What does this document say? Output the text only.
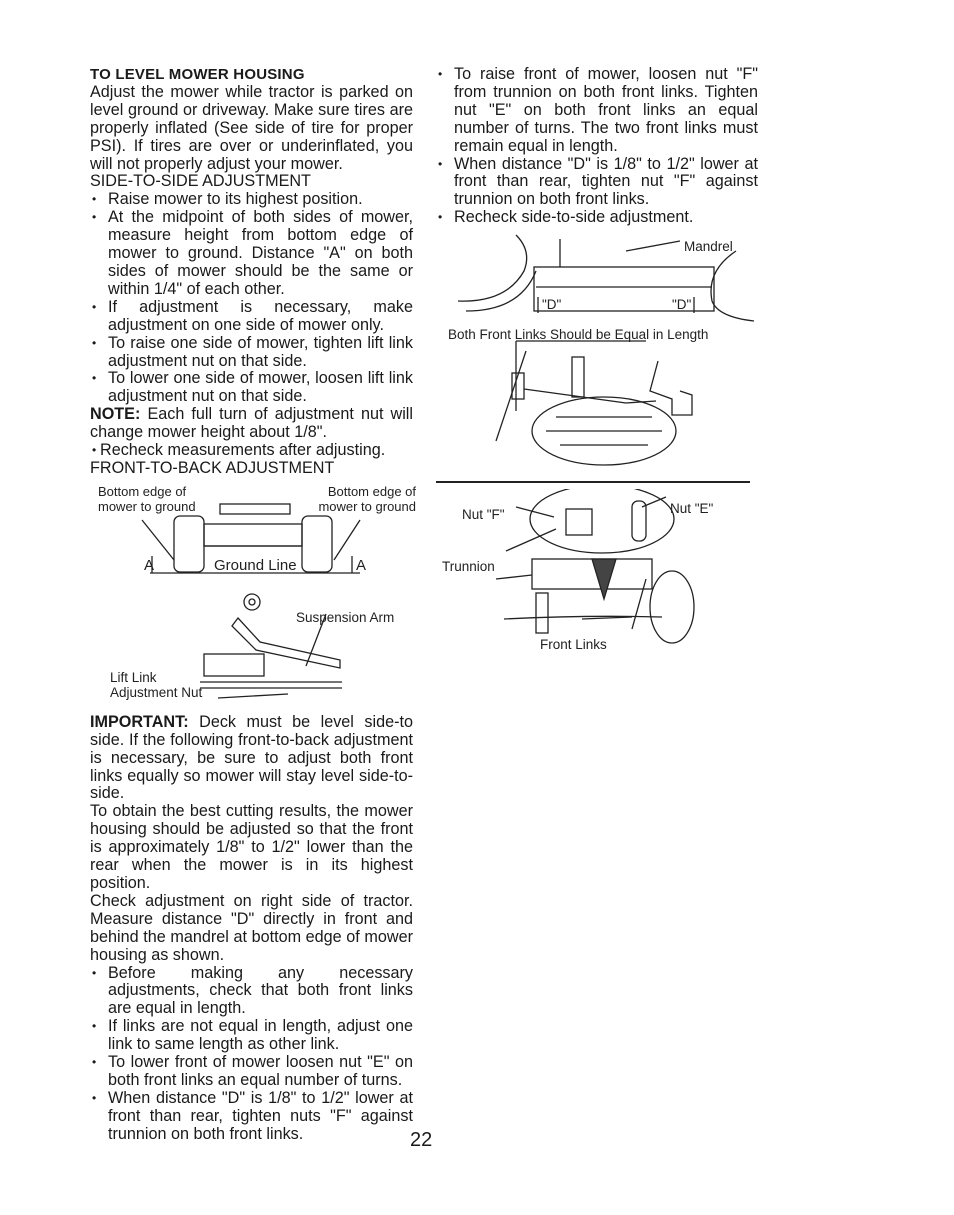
TO LEVEL MOWER HOUSING

Adjust the mower while tractor is parked on level ground or driveway. Make sure tires are properly inflated (See side of tire for proper PSI). If tires are over or underinflated, you will not properly adjust your mower.

SIDE-TO-SIDE ADJUSTMENT

• Raise mower to its highest position.
• At the midpoint of both sides of mower, measure height from bottom edge of mower to ground. Distance "A" on both sides of mower should be the same or within 1/4" of each other.
• If adjustment is necessary, make adjustment on one side of mower only.
• To raise one side of mower, tighten lift link adjustment nut on that side.
• To lower one side of mower, loosen lift link adjustment nut on that side.

NOTE: Each full turn of adjustment nut will change mower height about 1/8".

• Recheck measurements after adjusting.

FRONT-TO-BACK ADJUSTMENT

Bottom edge of mower to ground
Bottom edge of mower to ground
A	Ground Line	A
Suspension Arm
Lift Link Adjustment Nut

IMPORTANT: Deck must be level side-to side. If the following front-to-back adjustment is necessary, be sure to adjust both front links equally so mower will stay level side-to-side.

To obtain the best cutting results, the mower housing should be adjusted so that the front is approximately 1/8" to 1/2" lower than the rear when the mower is in its highest position.

Check adjustment on right side of tractor. Measure distance "D" directly in front and behind the mandrel at bottom edge of mower housing as shown.

• Before making any necessary adjustments, check that both front links are equal in length.
• If links are not equal in length, adjust one link to same length as other link.
• To lower front of mower loosen nut "E" on both front links an equal number of turns.
• When distance "D" is 1/8" to 1/2" lower at front than rear, tighten nuts "F" against trunnion on both front links.
• To raise front of mower, loosen nut "F" from trunnion on both front links. Tighten nut "E" on both front links an equal number of turns. The two front links must remain equal in length.
• When distance "D" is 1/8" to 1/2" lower at front than rear, tighten nut "F" against trunnion on both front links.
• Recheck side-to-side adjustment.
Mandrel
"D"	"D"
Both Front Links Should be Equal in Length
Nut "F"	Nut "E"
Trunnion
Front Links
22
